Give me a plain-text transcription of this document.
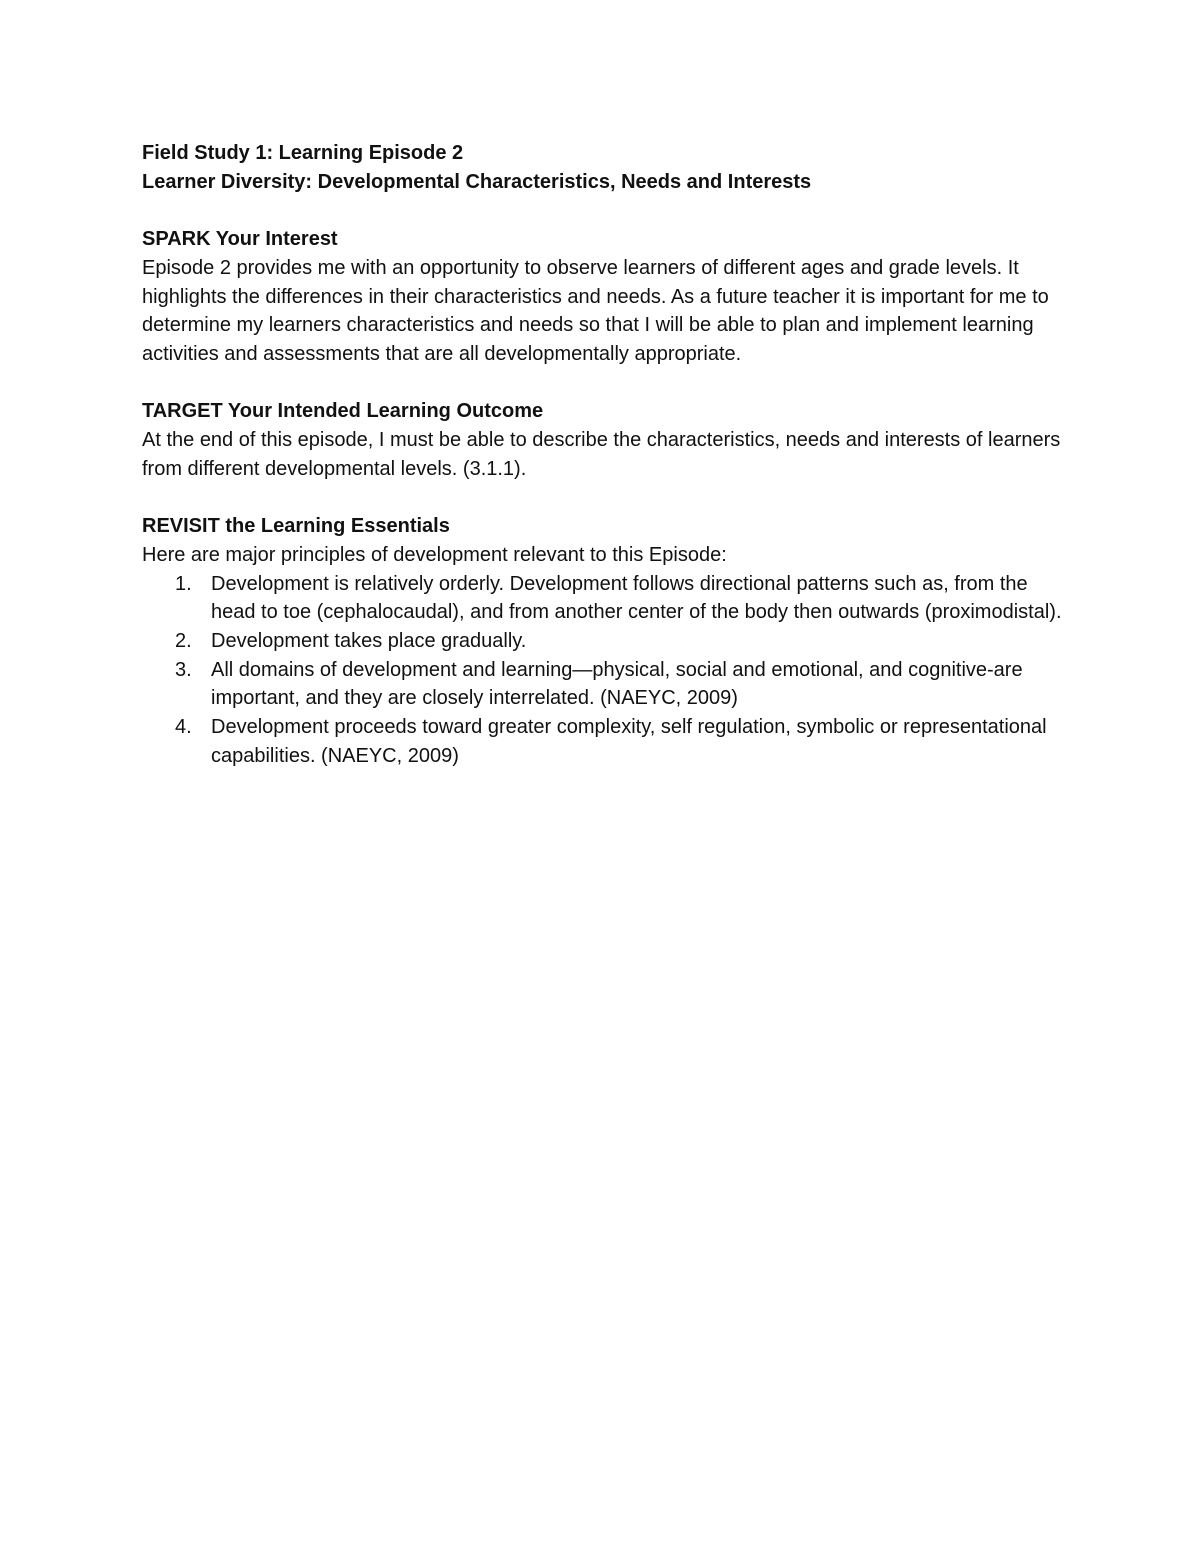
Field Study 1: Learning Episode 2

Learner Diversity: Developmental Characteristics, Needs and Interests

SPARK Your Interest

Episode 2 provides me with an opportunity to observe learners of different ages and grade levels. It highlights the differences in their characteristics and needs. As a future teacher it is important for me to determine my learners characteristics and needs so that I will be able to plan and implement learning activities and assessments that are all developmentally appropriate.

TARGET Your Intended Learning Outcome

At the end of this episode, I must be able to describe the characteristics, needs and interests of learners from different developmental levels. (3.1.1).

REVISIT the Learning Essentials

Here are major principles of development relevant to this Episode:

1. Development is relatively orderly. Development follows directional patterns such as, from the head to toe (cephalocaudal), and from another center of the body then outwards (proximodistal).
2. Development takes place gradually.
3. All domains of development and learning—physical, social and emotional, and cognitive-are important, and they are closely interrelated. (NAEYC, 2009)
4. Development proceeds toward greater complexity, self regulation, symbolic or representational capabilities. (NAEYC, 2009)
